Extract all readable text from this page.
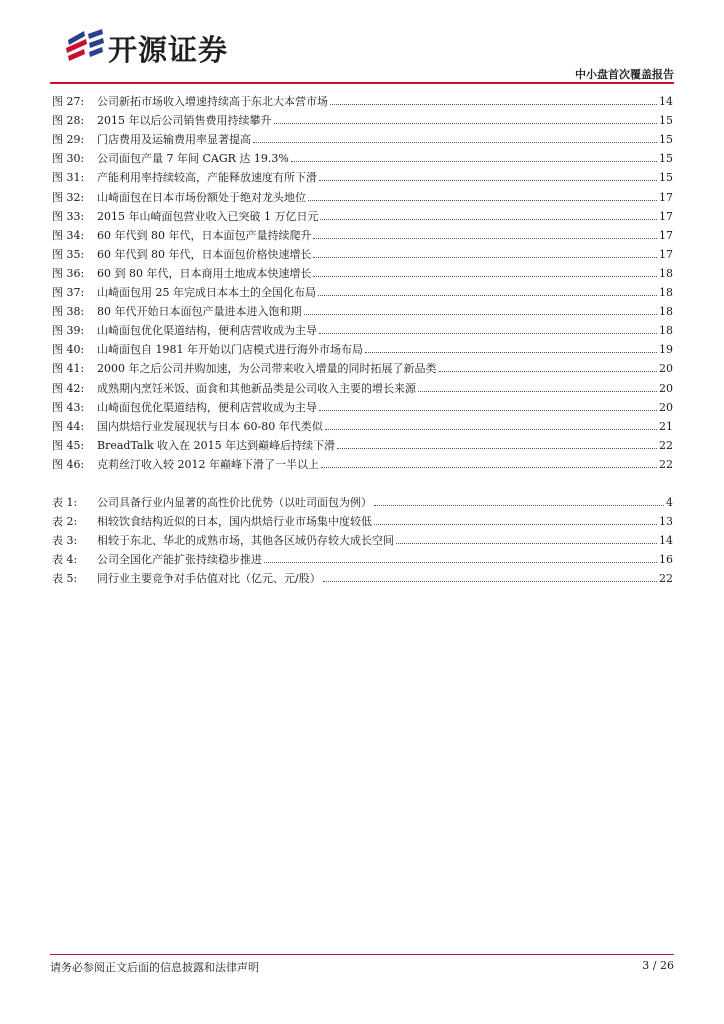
开源证券
中小盘首次覆盖报告
图 27:	公司新拓市场收入增速持续高于东北大本营市场	14
图 28:	2015 年以后公司销售费用持续攀升	15
图 29:	门店费用及运输费用率显著提高	15
图 30:	公司面包产量 7 年间 CAGR 达 19.3%	15
图 31:	产能利用率持续较高，产能释放速度有所下滑	15
图 32:	山崎面包在日本市场份额处于绝对龙头地位	17
图 33:	2015 年山崎面包营业收入已突破 1 万亿日元	17
图 34:	60 年代到 80 年代，日本面包产量持续爬升	17
图 35:	60 年代到 80 年代，日本面包价格快速增长	17
图 36:	60 到 80 年代，日本商用土地成本快速增长	18
图 37:	山崎面包用 25 年完成日本本土的全国化布局	18
图 38:	80 年代开始日本面包产量进本进入饱和期	18
图 39:	山崎面包优化渠道结构，便利店营收成为主导	18
图 40:	山崎面包自 1981 年开始以门店模式进行海外市场布局	19
图 41:	2000 年之后公司并购加速，为公司带来收入增量的同时拓展了新品类	20
图 42:	成熟期内烹饪米饭、面食和其他新品类是公司收入主要的增长来源	20
图 43:	山崎面包优化渠道结构，便利店营收成为主导	20
图 44:	国内烘焙行业发展现状与日本 60-80 年代类似	21
图 45:	BreadTalk 收入在 2015 年达到巅峰后持续下滑	22
图 46:	克莉丝汀收入较 2012 年巅峰下滑了一半以上	22
表 1:	公司具备行业内显著的高性价比优势（以吐司面包为例）	4
表 2:	相较饮食结构近似的日本，国内烘焙行业市场集中度较低	13
表 3:	相较于东北、华北的成熟市场，其他各区域仍存较大成长空间	14
表 4:	公司全国化产能扩张持续稳步推进	16
表 5:	同行业主要竞争对手估值对比（亿元、元/股）	22
请务必参阅正文后面的信息披露和法律声明	3 / 26
